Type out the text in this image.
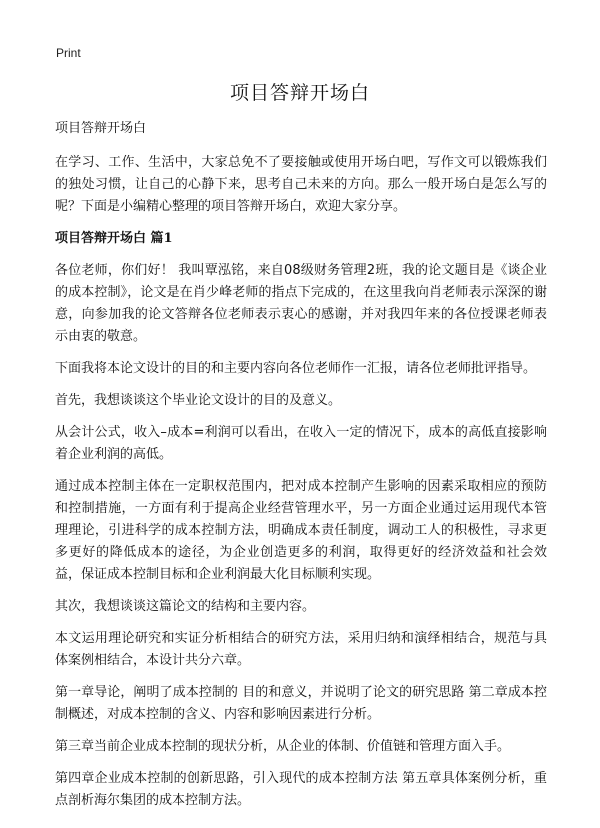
Print
项目答辩开场白

项目答辩开场白

在学习、工作、生活中，大家总免不了要接触或使用开场白吧，写作文可以锻炼我们的独处习惯，让自己的心静下来，思考自己未来的方向。那么一般开场白是怎么写的呢？下面是小编精心整理的项目答辩开场白，欢迎大家分享。

项目答辩开场白 篇1

各位老师，你们好！ 我叫覃泓铭，来自08级财务管理2班，我的论文题目是《谈企业的成本控制》，论文是在肖少峰老师的指点下完成的，在这里我向肖老师表示深深的谢意，向参加我的论文答辩各位老师表示衷心的感谢，并对我四年来的各位授课老师表示由衷的敬意。

下面我将本论文设计的目的和主要内容向各位老师作一汇报，请各位老师批评指导。

首先，我想谈谈这个毕业论文设计的目的及意义。

从会计公式，收入–成本=利润可以看出，在收入一定的情况下，成本的高低直接影响着企业利润的高低。

通过成本控制主体在一定职权范围内，把对成本控制产生影响的因素采取相应的预防和控制措施，一方面有利于提高企业经营管理水平，另一方面企业通过运用现代本管理理论，引进科学的成本控制方法，明确成本责任制度，调动工人的积极性，寻求更多更好的降低成本的途径，为企业创造更多的利润，取得更好的经济效益和社会效益，保证成本控制目标和企业利润最大化目标顺利实现。

其次，我想谈谈这篇论文的结构和主要内容。

本文运用理论研究和实证分析相结合的研究方法，采用归纳和演绎相结合，规范与具体案例相结合，本设计共分六章。

第一章导论，阐明了成本控制的 目的和意义，并说明了论文的研究思路 第二章成本控制概述，对成本控制的含义、内容和影响因素进行分析。

第三章当前企业成本控制的现状分析，从企业的体制、价值链和管理方面入手。

第四章企业成本控制的创新思路，引入现代的成本控制方法 第五章具体案例分析，重点剖析海尔集团的成本控制方法。
